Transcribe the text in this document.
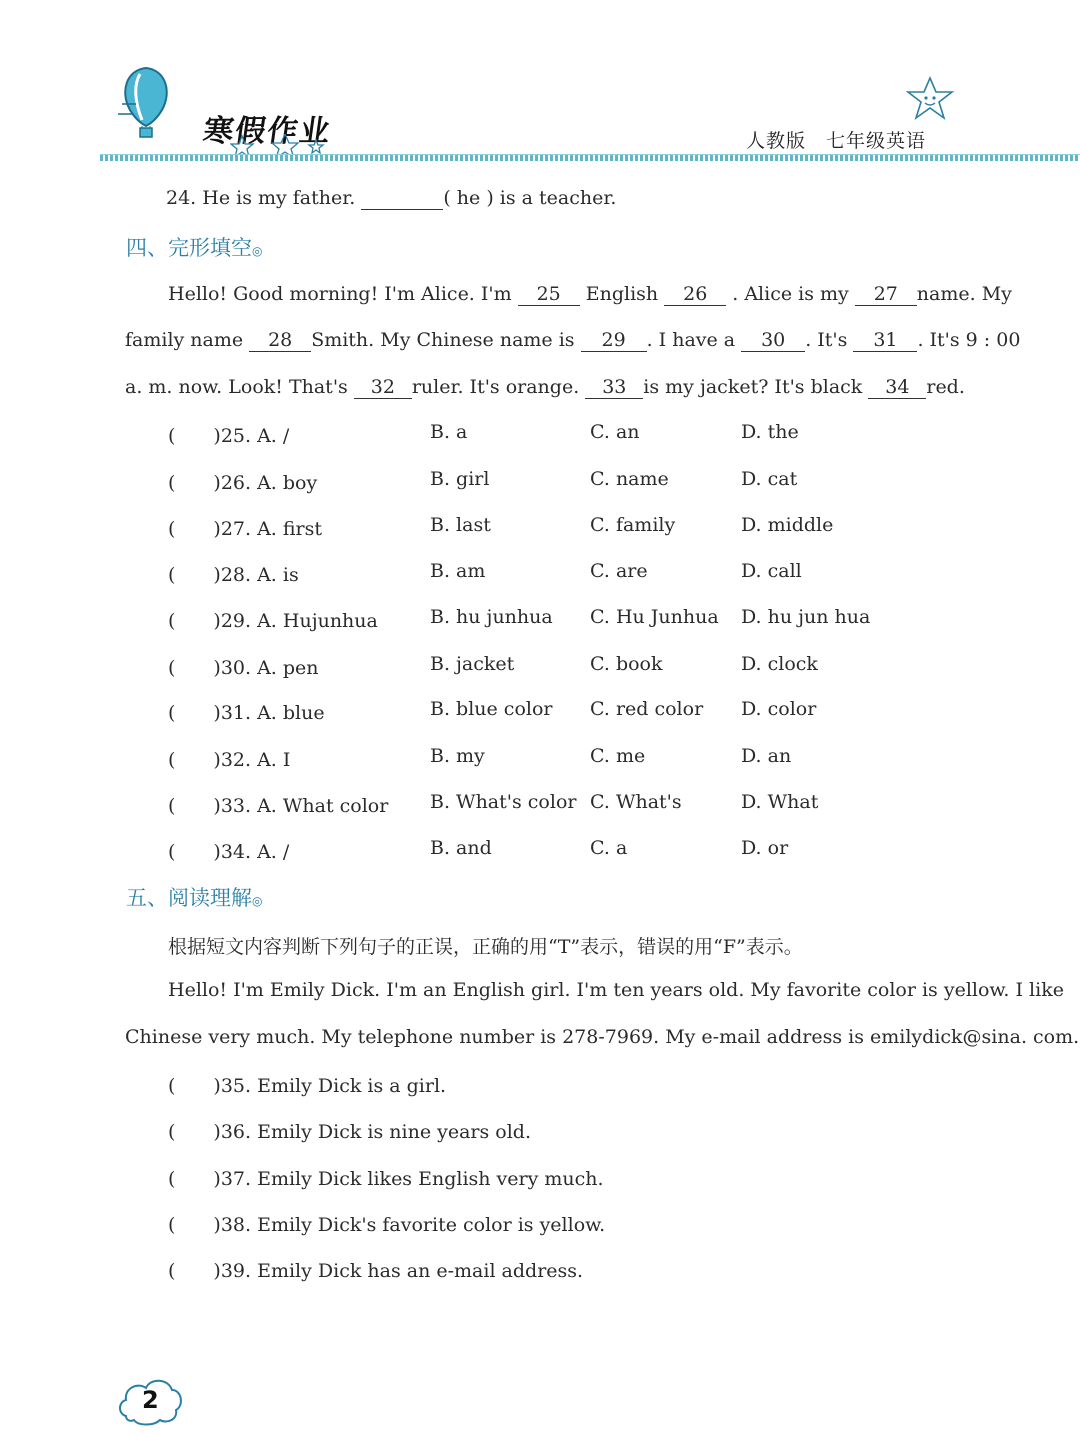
寒假作业	人教版　七年级英语
24. He is my father.	( he ) is a teacher.
四、完形填空◎
Hello! Good morning! I'm Alice. I'm 25 English 26 . Alice is my 27 name. My
family name 28 Smith. My Chinese name is 29 . I have a 30 . It's 31 . It's 9 : 00
a. m. now. Look! That's 32 ruler. It's orange. 33 is my jacket? It's black 34 red.
(　　)25. A. /	B. a	C. an	D. the
(　　)26. A. boy	B. girl	C. name	D. cat
(　　)27. A. first	B. last	C. family	D. middle
(　　)28. A. is	B. am	C. are	D. call
(　　)29. A. Hujunhua	B. hu junhua C. Hu Junhua D. hu jun hua
(　　)30. A. pen	B. jacket	C. book	D. clock
(　　)31. A. blue	B. blue color C. red color D. color
(　　)32. A. I	B. my	C. me	D. an
(　　)33. A. What color B. What's color C. What's	D. What
(　　)34. A. /	B. and	C. a	D. or
五、阅读理解◎
根据短文内容判断下列句子的正误，正确的用“T”表示，错误的用“F”表示。
Hello! I'm Emily Dick. I'm an English girl. I'm ten years old. My favorite color is yellow. I like
Chinese very much. My telephone number is 278-7969. My e-mail address is emilydick@sina. com.
(　　)35. Emily Dick is a girl.
(　　)36. Emily Dick is nine years old.
(　　)37. Emily Dick likes English very much.
(　　)38. Emily Dick's favorite color is yellow.
(　　)39. Emily Dick has an e-mail address.
2
